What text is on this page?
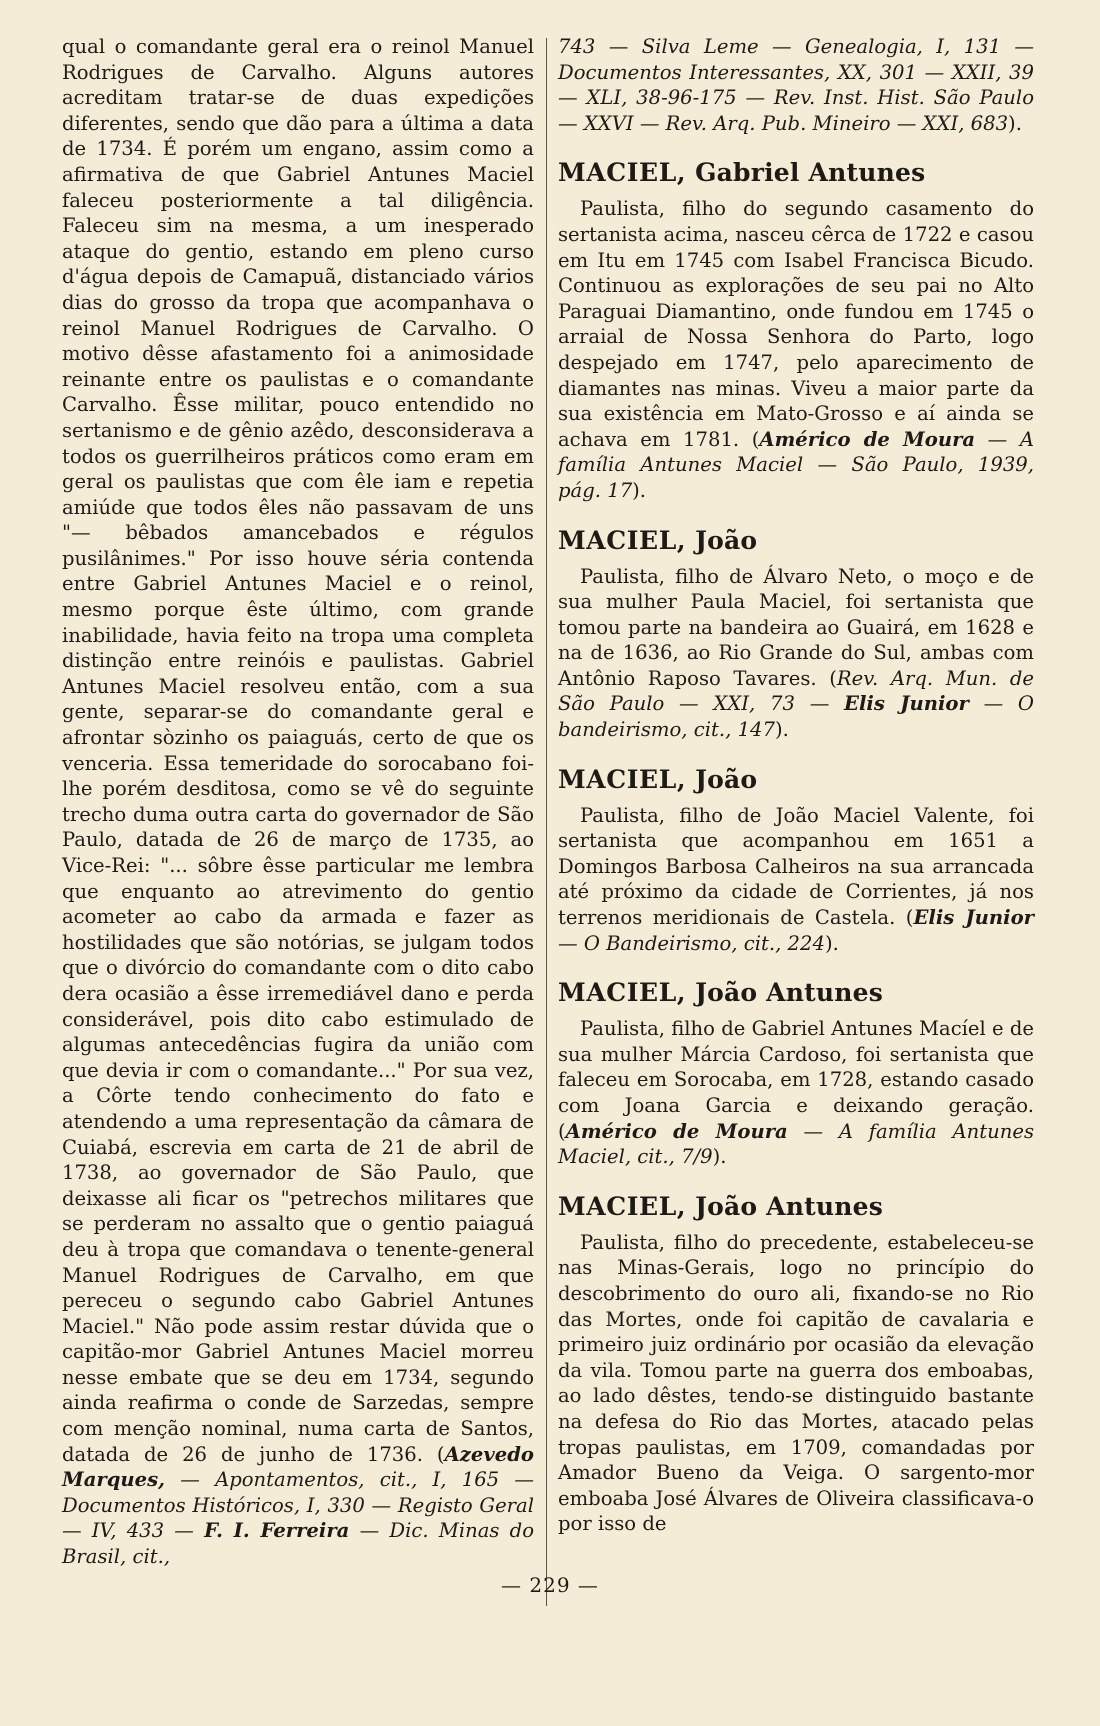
qual o comandante geral era o reinol Manuel Rodrigues de Carvalho. Alguns autores acreditam tratar-se de duas expedições diferentes, sendo que dão para a última a data de 1734. É porém um engano, assim como a afirmativa de que Gabriel Antunes Maciel faleceu posteriormente a tal diligência. Faleceu sim na mesma, a um inesperado ataque do gentio, estando em pleno curso d'água depois de Camapuã, distanciado vários dias do grosso da tropa que acompanhava o reinol Manuel Rodrigues de Carvalho. O motivo dêsse afastamento foi a animosidade reinante entre os paulistas e o comandante Carvalho. Êsse militar, pouco entendido no sertanismo e de gênio azêdo, desconsiderava a todos os guerrilheiros práticos como eram em geral os paulistas que com êle iam e repetia amiúde que todos êles não passavam de uns "— bêbados amancebados e régulos pusilânimes." Por isso houve séria contenda entre Gabriel Antunes Maciel e o reinol, mesmo porque êste último, com grande inabilidade, havia feito na tropa uma completa distinção entre reinóis e paulistas. Gabriel Antunes Maciel resolveu então, com a sua gente, separar-se do comandante geral e afrontar sòzinho os paiaguás, certo de que os venceria. Essa temeridade do sorocabano foi-lhe porém desditosa, como se vê do seguinte trecho duma outra carta do governador de São Paulo, datada de 26 de março de 1735, ao Vice-Rei: "... sôbre êsse particular me lembra que enquanto ao atrevimento do gentio acometer ao cabo da armada e fazer as hostilidades que são notórias, se julgam todos que o divórcio do comandante com o dito cabo dera ocasião a êsse irremediável dano e perda considerável, pois dito cabo estimulado de algumas antecedências fugira da união com que devia ir com o comandante..." Por sua vez, a Côrte tendo conhecimento do fato e atendendo a uma representação da câmara de Cuiabá, escrevia em carta de 21 de abril de 1738, ao governador de São Paulo, que deixasse ali ficar os "petrechos militares que se perderam no assalto que o gentio paiaguá deu à tropa que comandava o tenente-general Manuel Rodrigues de Carvalho, em que pereceu o segundo cabo Gabriel Antunes Maciel." Não pode assim restar dúvida que o capitão-mor Gabriel Antunes Maciel morreu nesse embate que se deu em 1734, segundo ainda reafirma o conde de Sarzedas, sempre com menção nominal, numa carta de Santos, datada de 26 de junho de 1736. (Azevedo Marques, — Apontamentos, cit., I, 165 — Documentos Históricos, I, 330 — Registo Geral — IV, 433 — F. I. Ferreira — Dic. Minas do Brasil, cit.,

743 — Silva Leme — Genealogia, I, 131 — Documentos Interessantes, XX, 301 — XXII, 39 — XLI, 38-96-175 — Rev. Inst. Hist. São Paulo — XXVI — Rev. Arq. Pub. Mineiro — XXI, 683).

MACIEL, Gabriel Antunes

Paulista, filho do segundo casamento do sertanista acima, nasceu cêrca de 1722 e casou em Itu em 1745 com Isabel Francisca Bicudo. Continuou as explorações de seu pai no Alto Paraguai Diamantino, onde fundou em 1745 o arraial de Nossa Senhora do Parto, logo despejado em 1747, pelo aparecimento de diamantes nas minas. Viveu a maior parte da sua existência em Mato-Grosso e aí ainda se achava em 1781. (Américo de Moura — A família Antunes Maciel — São Paulo, 1939, pág. 17).

MACIEL, João

Paulista, filho de Álvaro Neto, o moço e de sua mulher Paula Maciel, foi sertanista que tomou parte na bandeira ao Guairá, em 1628 e na de 1636, ao Rio Grande do Sul, ambas com Antônio Raposo Tavares. (Rev. Arq. Mun. de São Paulo — XXI, 73 — Elis Junior — O bandeirismo, cit., 147).

MACIEL, João

Paulista, filho de João Maciel Valente, foi sertanista que acompanhou em 1651 a Domingos Barbosa Calheiros na sua arrancada até próximo da cidade de Corrientes, já nos terrenos meridionais de Castela. (Elis Junior — O Bandeirismo, cit., 224).

MACIEL, João Antunes

Paulista, filho de Gabriel Antunes Macíel e de sua mulher Márcia Cardoso, foi sertanista que faleceu em Sorocaba, em 1728, estando casado com Joana Garcia e deixando geração. (Américo de Moura — A família Antunes Maciel, cit., 7/9).

MACIEL, João Antunes

Paulista, filho do precedente, estabeleceu-se nas Minas-Gerais, logo no princípio do descobrimento do ouro ali, fixando-se no Rio das Mortes, onde foi capitão de cavalaria e primeiro juiz ordinário por ocasião da elevação da vila. Tomou parte na guerra dos emboabas, ao lado dêstes, tendo-se distinguido bastante na defesa do Rio das Mortes, atacado pelas tropas paulistas, em 1709, comandadas por Amador Bueno da Veiga. O sargento-mor emboaba José Álvares de Oliveira classificava-o por isso de

— 229 —
